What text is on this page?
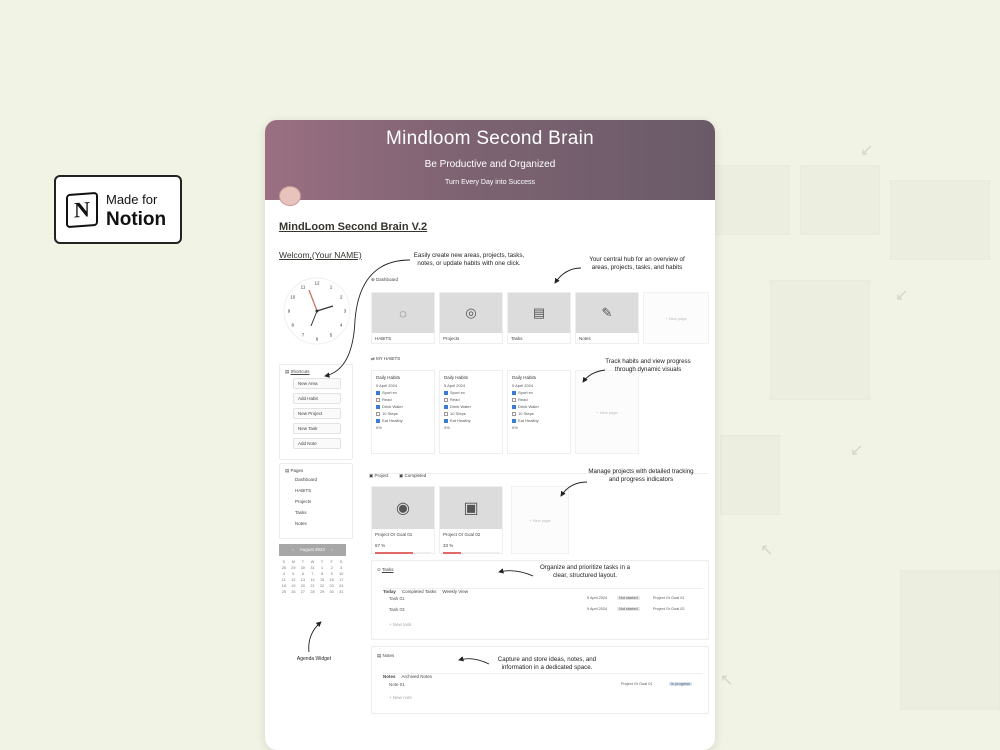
↙
↙
↙
↖
↖
N	Made for
Notion
Mindloom Second Brain
Be Productive and Organized
Turn Every Day into Success
MindLoom Second Brain V.2
Welcom,(Your NAME)
12
1
2
3
4
5
6
7
8
9
10
11
▤ Shortcuts
▤ Pages
‹     August 2024     ›
S	M	T	W	T	F	S
28	29	30	31	1	2	3
4	5	6	7	8	9	10
11	12	13	14	15	16	17
18	19	20	21	22	23	24
25	26	27	28	29	30	31
Agenda Widget
⊕ Dashboard
+ New page
⇄ MY HABITS
+ New page
▣ Project ▣ Completed
+ New page
⊙ Tasks
Today Completed Tasks Weekly View
+ New task
▤ Notes
Notes Archived Notes
+ New note
Easily create new areas, projects, tasks, notes, or update habits with one click.
Your central hub for an overview of areas, projects, tasks, and habits
Track habits and view progress through dynamic visuals
Manage projects with detailed tracking and progress indicators
Organize and prioritize tasks in a clear, structured layout.
Capture and store ideas, notes, and information in a dedicated space.
New Area
Add Habit
New Project
New Task
Add Note
Dashboard
HABITS
Projects
Tasks
Notes
◌
HABITS
◎
Projects
▤
Tasks
✎
Notes
Daily Habits
5 April 2024
Sport ex
Read
Drink Water
10 Steps
Eat Healthy
0%
Daily Habits
5 April 2024
Sport ex
Read
Drink Water
10 Steps
Eat Healthy
0%
Daily Habits
5 April 2024
Sport ex
Read
Drink Water
10 Steps
Eat Healthy
0%
◉
Project Or Goal 01
67 %
▣
Project Or Goal 02
33 %
Task 01	5 April 2024	Not started	Project Or Goal 01
Task 03	9 April 2024	Not started	Project Or Goal 02
Note 01	Project Or Goal 01	In progress
